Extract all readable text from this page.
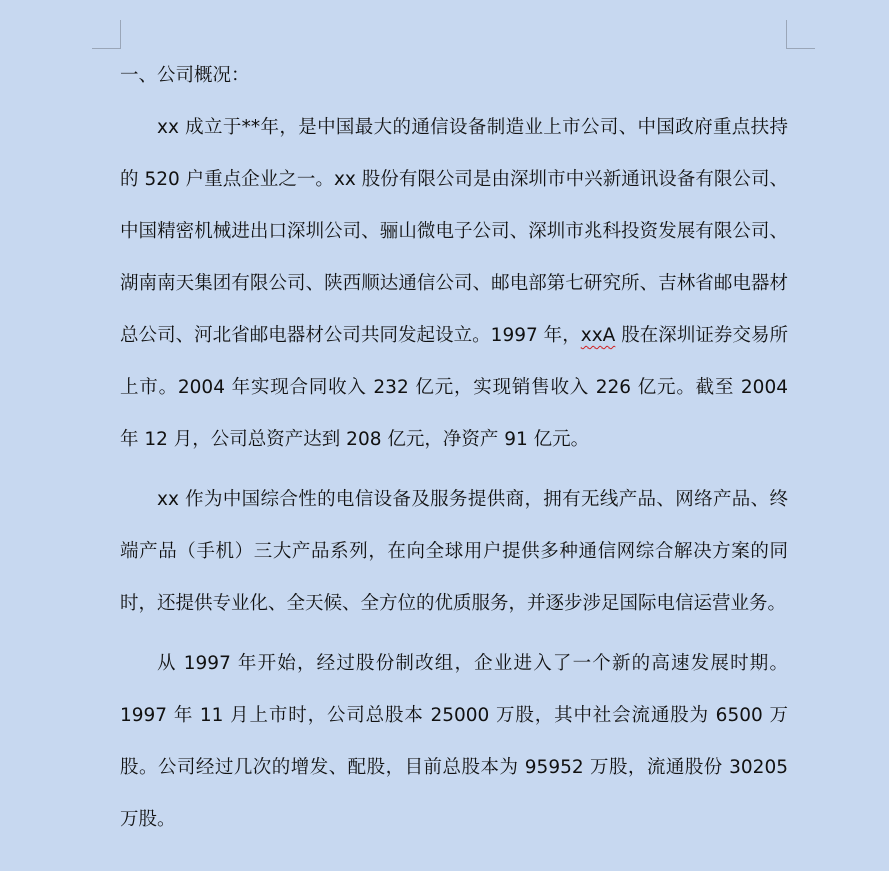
一、公司概况：

xx 成立于**年，是中国最大的通信设备制造业上市公司、中国政府重点扶持的 520 户重点企业之一。xx 股份有限公司是由深圳市中兴新通讯设备有限公司、中国精密机械进出口深圳公司、骊山微电子公司、深圳市兆科投资发展有限公司、湖南南天集团有限公司、陕西顺达通信公司、邮电部第七研究所、吉林省邮电器材总公司、河北省邮电器材公司共同发起设立。1997 年，xxA 股在深圳证券交易所上市。2004 年实现合同收入 232 亿元，实现销售收入 226 亿元。截至 2004 年 12 月，公司总资产达到 208 亿元，净资产 91 亿元。

xx 作为中国综合性的电信设备及服务提供商，拥有无线产品、网络产品、终端产品（手机）三大产品系列，在向全球用户提供多种通信网综合解决方案的同时，还提供专业化、全天候、全方位的优质服务，并逐步涉足国际电信运营业务。

从 1997 年开始，经过股份制改组，企业进入了一个新的高速发展时期。1997 年 11 月上市时，公司总股本 25000 万股，其中社会流通股为 6500 万股。公司经过几次的增发、配股，目前总股本为 95952 万股，流通股份 30205 万股。
